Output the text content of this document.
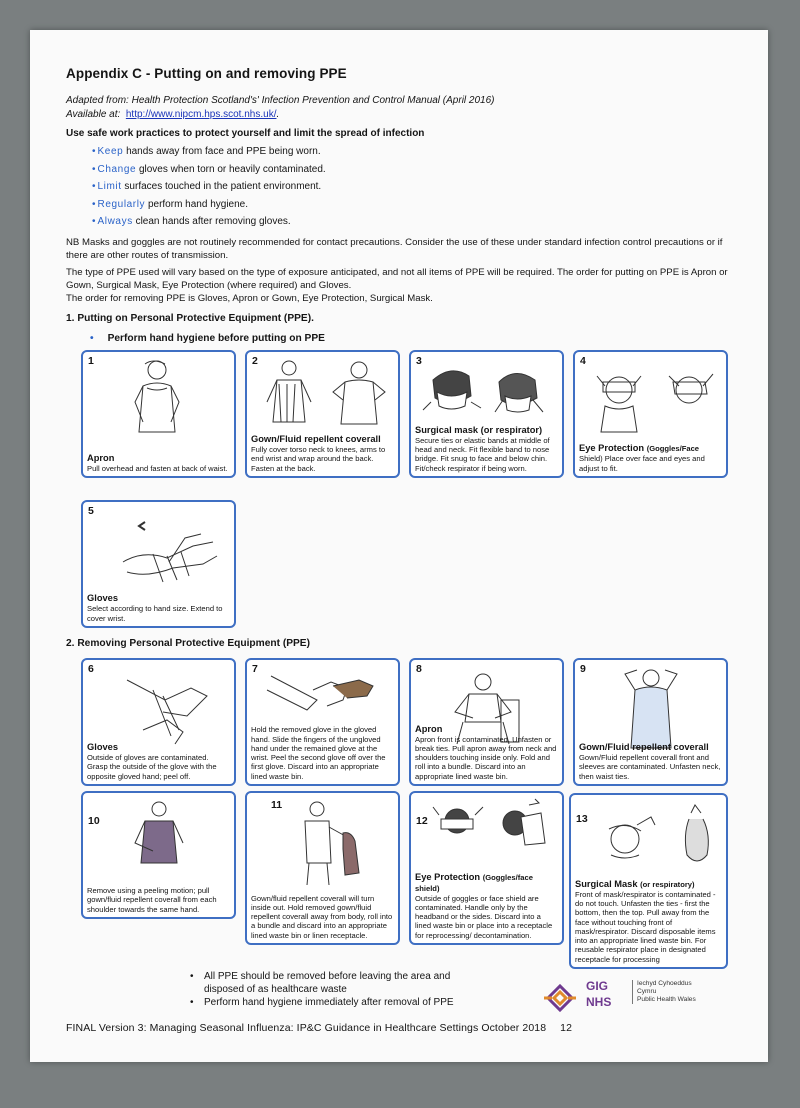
Appendix C - Putting on and removing PPE
Adapted from: Health Protection Scotland's' Infection Prevention and Control Manual (April 2016)
Available at: http://www.nipcm.hps.scot.nhs.uk/.
Use safe work practices to protect yourself and limit the spread of infection
• Keep hands away from face and PPE being worn.
• Change gloves when torn or heavily contaminated.
• Limit surfaces touched in the patient environment.
• Regularly perform hand hygiene.
• Always clean hands after removing gloves.
NB Masks and goggles are not routinely recommended for contact precautions. Consider the use of these under standard infection control precautions or if there are other routes of transmission.
The type of PPE used will vary based on the type of exposure anticipated, and not all items of PPE will be required. The order for putting on PPE is Apron or Gown, Surgical Mask, Eye Protection (where required) and Gloves.
The order for removing PPE is Gloves, Apron or Gown, Eye Protection, Surgical Mask.
1. Putting on Personal Protective Equipment (PPE).
• Perform hand hygiene before putting on PPE
1
Apron
Pull overhead and fasten at back of waist.
2
Gown/Fluid repellent coverall
Fully cover torso neck to knees, arms to end wrist and wrap around the back. Fasten at the back.
3
Surgical mask (or respirator)
Secure ties or elastic bands at middle of head and neck. Fit flexible band to nose bridge. Fit snug to face and below chin. Fit/check respirator if being worn.
4
Eye Protection (Goggles/Face
Shield) Place over face and eyes and adjust to fit.
5
Gloves
Select according to hand size. Extend to cover wrist.
2. Removing Personal Protective Equipment (PPE)
6
Gloves
Outside of gloves are contaminated. Grasp the outside of the glove with the opposite gloved hand; peel off.
7
Hold the removed glove in the gloved hand. Slide the fingers of the ungloved hand under the remained glove at the wrist. Peel the second glove off over the first glove. Discard into an appropriate lined waste bin.
8
Apron
Apron front is contaminated. Unfasten or break ties. Pull apron away from neck and shoulders touching inside only. Fold and roll into a bundle. Discard into an appropriate lined waste bin.
9
Gown/Fluid repellent coverall
Gown/Fluid repellent coverall front and sleeves are contaminated. Unfasten neck, then waist ties.
10
Remove using a peeling motion; pull gown/fluid repellent coverall from each shoulder towards the same hand.
11
Gown/fluid repellent coverall will turn inside out. Hold removed gown/fluid repellent coverall away from body, roll into a bundle and discard into an appropriate lined waste bin or linen receptacle.
12
Eye Protection (Goggles/face shield)
Outside of goggles or face shield are contaminated. Handle only by the headband or the sides. Discard into a lined waste bin or place into a receptacle for reprocessing/ decontamination.
13
Surgical Mask (or respiratory)
Front of mask/respirator is contaminated - do not touch. Unfasten the ties - first the bottom, then the top. Pull away from the face without touching front of mask/respirator. Discard disposable items into an appropriate lined waste bin. For reusable respirator place in designated receptacle for processing
• All PPE should be removed before leaving the area and disposed of as healthcare waste
• Perform hand hygiene immediately after removal of PPE
GIG
NHS
Iechyd Cyhoeddus Cymru
Public Health Wales
FINAL Version 3: Managing Seasonal Influenza: IP&C Guidance in Healthcare Settings October 2018 12
